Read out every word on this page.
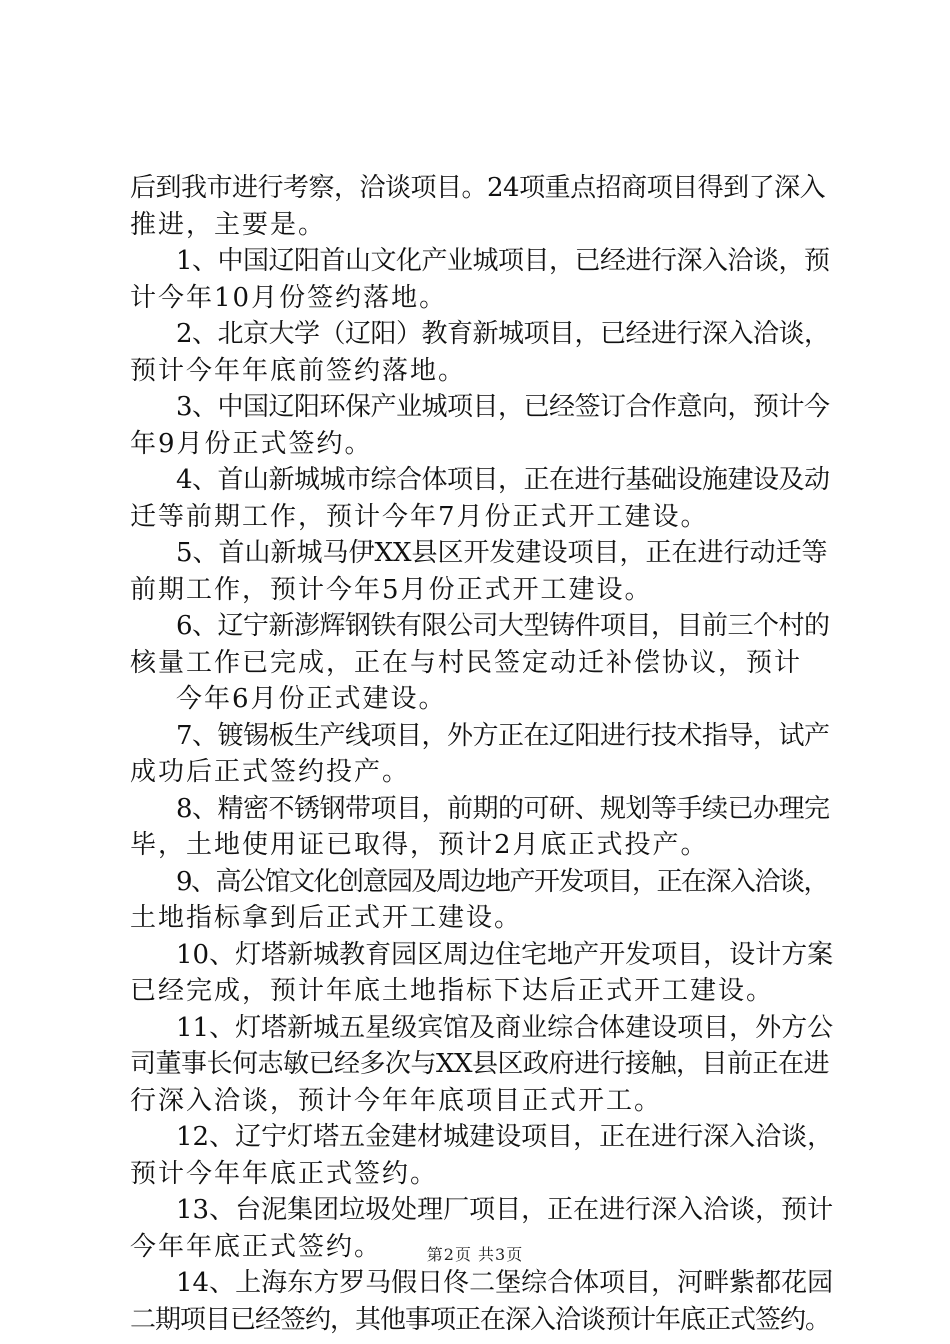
后到我市进行考察，洽谈项目。24项重点招商项目得到了深入
推进，主要是。
1、中国辽阳首山文化产业城项目，已经进行深入洽谈，预
计今年10月份签约落地。
2、北京大学（辽阳）教育新城项目，已经进行深入洽谈，
预计今年年底前签约落地。
3、中国辽阳环保产业城项目，已经签订合作意向，预计今
年9月份正式签约。
4、首山新城城市综合体项目，正在进行基础设施建设及动
迁等前期工作，预计今年7月份正式开工建设。
5、首山新城马伊XX县区开发建设项目，正在进行动迁等
前期工作，预计今年5月份正式开工建设。
6、辽宁新澎辉钢铁有限公司大型铸件项目，目前三个村的
核量工作已完成，正在与村民签定动迁补偿协议，预计
今年6月份正式建设。
7、镀锡板生产线项目，外方正在辽阳进行技术指导，试产
成功后正式签约投产。
8、精密不锈钢带项目，前期的可研、规划等手续已办理完
毕，土地使用证已取得，预计2月底正式投产。
9、高公馆文化创意园及周边地产开发项目，正在深入洽谈，
土地指标拿到后正式开工建设。
10、灯塔新城教育园区周边住宅地产开发项目，设计方案
已经完成，预计年底土地指标下达后正式开工建设。
11、灯塔新城五星级宾馆及商业综合体建设项目，外方公
司董事长何志敏已经多次与XX县区政府进行接触，目前正在进
行深入洽谈，预计今年年底项目正式开工。
12、辽宁灯塔五金建材城建设项目，正在进行深入洽谈，
预计今年年底正式签约。
13、台泥集团垃圾处理厂项目，正在进行深入洽谈，预计
今年年底正式签约。
14、上海东方罗马假日佟二堡综合体项目，河畔紫都花园
二期项目已经签约，其他事项正在深入洽谈预计年底正式签约。
第2页 共3页
